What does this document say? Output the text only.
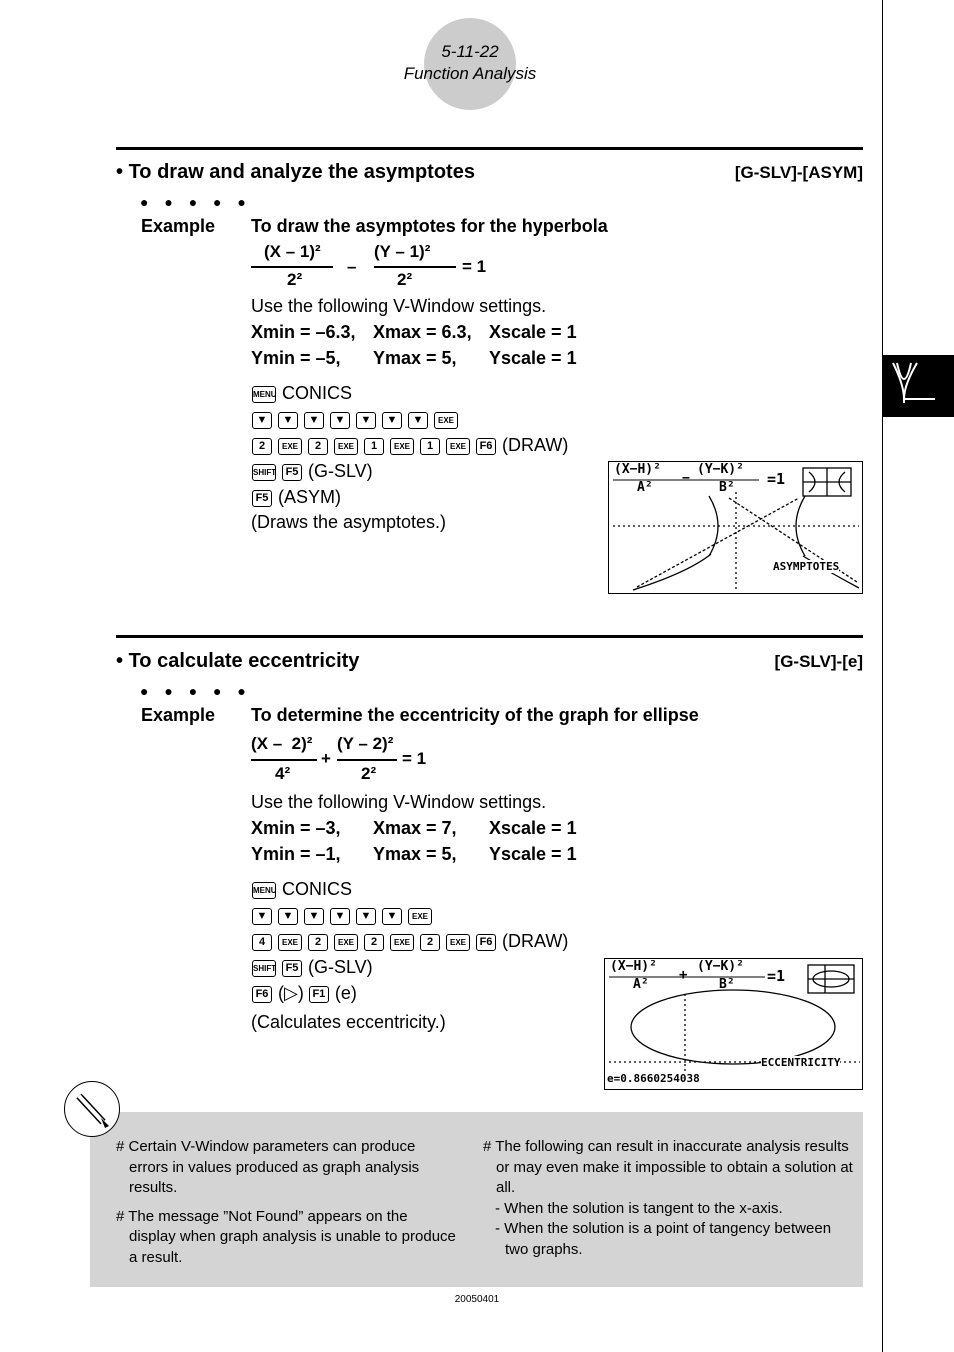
5-11-22
Function Analysis
• To draw and analyze the asymptotes	[G-SLV]-[ASYM]
● ● ● ● ●
Example To draw the asymptotes for the hyperbola
(X – 1)²
2²
–
(Y – 1)²
2²
= 1
Use the following V-Window settings.
Xmin = –6.3, Xmax = 6.3, Xscale = 1
Ymin = –5, Ymax = 5, Yscale = 1
MENU CONICS
▼ ▼ ▼ ▼ ▼ ▼ ▼ EXE
2 EXE 2 EXE 1 EXE 1 EXE F6 (DRAW)
SHIFT F5 (G-SLV)
F5 (ASYM)
(Draws the asymptotes.)
(X−H)²
A²
−
(Y−K)²
B² =1
ASYMPTOTES
• To calculate eccentricity	[G-SLV]-[e]
● ● ● ● ●
Example To determine the eccentricity of the graph for ellipse
(X –  2)²
4²
+
(Y – 2)²
2²
= 1
Use the following V-Window settings.
Xmin = –3, Xmax = 7, Xscale = 1
Ymin = –1, Ymax = 5, Yscale = 1
MENU CONICS
▼ ▼ ▼ ▼ ▼ ▼ EXE
4 EXE 2 EXE 2 EXE 2 EXE F6 (DRAW)
SHIFT F5 (G-SLV)
F6 (▷) F1 (e)
(Calculates eccentricity.)
(X−H)²
A²
+
(Y−K)²
B² =1
ECCENTRICITY
e=0.8660254038

# Certain V-Window parameters can produce errors in values produced as graph analysis results.

# The message ”Not Found” appears on the display when graph analysis is unable to produce a result.

# The following can result in inaccurate analysis results or may even make it impossible to obtain a solution at all.

- When the solution is tangent to the x-axis.

- When the solution is a point of tangency between two graphs.

20050401
